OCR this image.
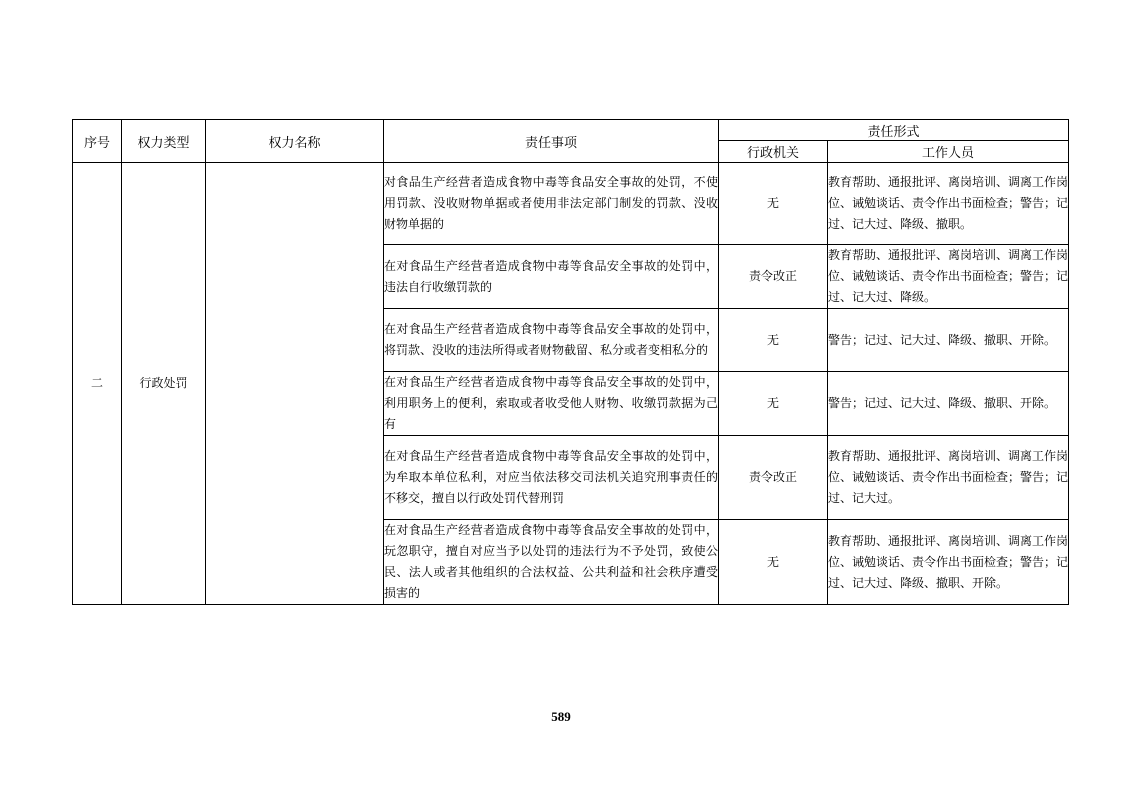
序号	权力类型	权力名称	责任事项	责任形式	
				行政机关	工作人员
二	行政处罚		对食品生产经营者造成食物中毒等食品安全事故的处罚，不使用罚款、没收财物单据或者使用非法定部门制发的罚款、没收财物单据的	无	教育帮助、通报批评、离岗培训、调离工作岗位、诫勉谈话、责令作出书面检查；警告；记过、记大过、降级、撤职。
			在对食品生产经营者造成食物中毒等食品安全事故的处罚中，违法自行收缴罚款的	责令改正	教育帮助、通报批评、离岗培训、调离工作岗位、诫勉谈话、责令作出书面检查；警告；记过、记大过、降级。
			在对食品生产经营者造成食物中毒等食品安全事故的处罚中，将罚款、没收的违法所得或者财物截留、私分或者变相私分的	无	警告；记过、记大过、降级、撤职、开除。
			在对食品生产经营者造成食物中毒等食品安全事故的处罚中，利用职务上的便利，索取或者收受他人财物、收缴罚款据为己有	无	警告；记过、记大过、降级、撤职、开除。
			在对食品生产经营者造成食物中毒等食品安全事故的处罚中，为牟取本单位私利，对应当依法移交司法机关追究刑事责任的不移交，擅自以行政处罚代替刑罚	责令改正	教育帮助、通报批评、离岗培训、调离工作岗位、诫勉谈话、责令作出书面检查；警告；记过、记大过。
			在对食品生产经营者造成食物中毒等食品安全事故的处罚中，玩忽职守，擅自对应当予以处罚的违法行为不予处罚，致使公民、法人或者其他组织的合法权益、公共利益和社会秩序遭受损害的	无	教育帮助、通报批评、离岗培训、调离工作岗位、诫勉谈话、责令作出书面检查；警告；记过、记大过、降级、撤职、开除。
589
